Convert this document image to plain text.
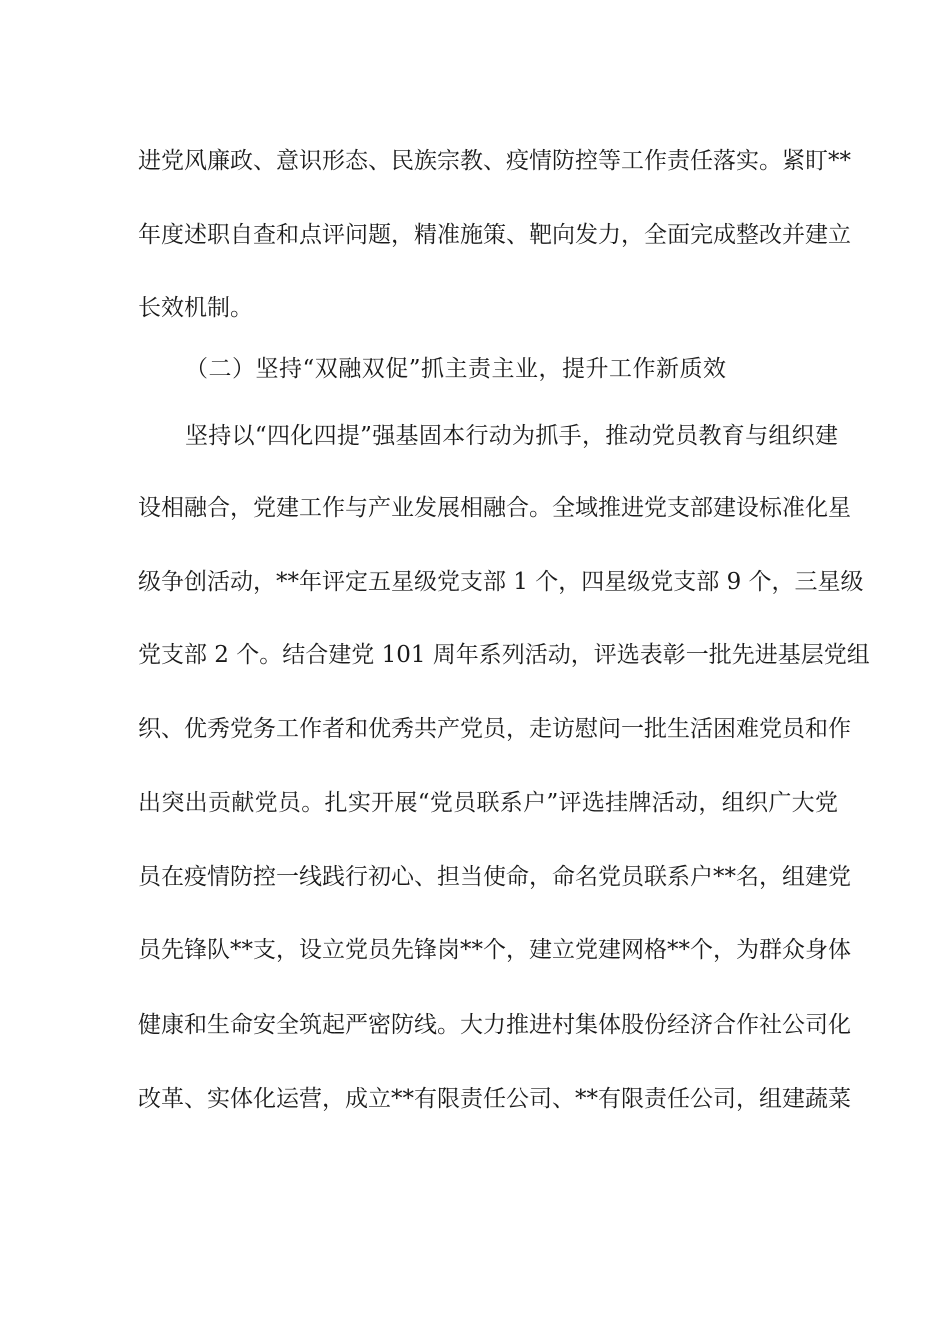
进党风廉政、意识形态、民族宗教、疫情防控等工作责任落实。紧盯**
年度述职自查和点评问题，精准施策、靶向发力，全面完成整改并建立
长效机制。
（二）坚持“双融双促”抓主责主业，提升工作新质效
坚持以“四化四提”强基固本行动为抓手，推动党员教育与组织建
设相融合，党建工作与产业发展相融合。全域推进党支部建设标准化星
级争创活动，**年评定五星级党支部 1 个，四星级党支部 9 个，三星级
党支部 2 个。结合建党 101 周年系列活动，评选表彰一批先进基层党组
织、优秀党务工作者和优秀共产党员，走访慰问一批生活困难党员和作
出突出贡献党员。扎实开展“党员联系户”评选挂牌活动，组织广大党
员在疫情防控一线践行初心、担当使命，命名党员联系户**名，组建党
员先锋队**支，设立党员先锋岗**个，建立党建网格**个，为群众身体
健康和生命安全筑起严密防线。大力推进村集体股份经济合作社公司化
改革、实体化运营，成立**有限责任公司、**有限责任公司，组建蔬菜
